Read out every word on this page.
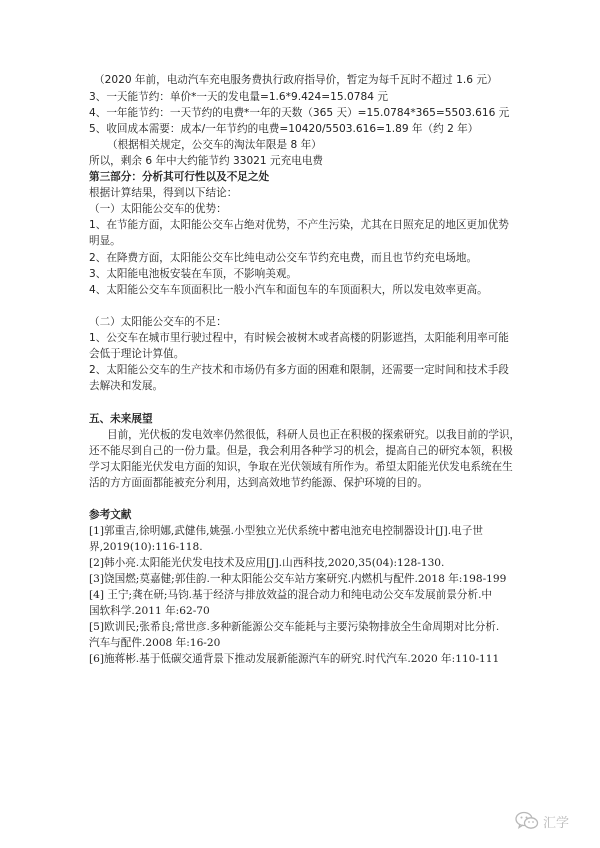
（2020 年前，电动汽车充电服务费执行政府指导价，暂定为每千瓦时不超过 1.6 元）
3、一天能节约：单价*一天的发电量=1.6*9.424=15.0784 元
4、一年能节约：一天节约的电费*一年的天数（365 天）=15.0784*365=5503.616 元
5、收回成本需要：成本/一年节约的电费=10420/5503.616=1.89 年（约 2 年）
（根据相关规定，公交车的淘汰年限是 8 年）
所以，剩余 6 年中大约能节约 33021 元充电电费
第三部分：分析其可行性以及不足之处
根据计算结果，得到以下结论：
（一）太阳能公交车的优势：
1、在节能方面，太阳能公交车占绝对优势，不产生污染，尤其在日照充足的地区更加优势
明显。
2、在降费方面，太阳能公交车比纯电动公交车节约充电费，而且也节约充电场地。
3、太阳能电池板安装在车顶，不影响美观。
4、太阳能公交车车顶面积比一般小汽车和面包车的车顶面积大，所以发电效率更高。
（二）太阳能公交车的不足：
1、公交车在城市里行驶过程中，有时候会被树木或者高楼的阴影遮挡，太阳能利用率可能
会低于理论计算值。
2、太阳能公交车的生产技术和市场仍有多方面的困难和限制，还需要一定时间和技术手段
去解决和发展。
五、未来展望
目前，光伏板的发电效率仍然很低，科研人员也正在积极的探索研究。以我目前的学识，
还不能尽到自己的一份力量。但是，我会利用各种学习的机会，提高自己的研究本领，积极
学习太阳能光伏发电方面的知识，争取在光伏领域有所作为。希望太阳能光伏发电系统在生
活的方方面面都能被充分利用，达到高效地节约能源、保护环境的目的。
参考文献
[1]郭重吉,徐明娜,武健伟,姚强.小型独立光伏系统中蓄电池充电控制器设计[J].电子世
界,2019(10):116-118.
[2]韩小亮.太阳能光伏发电技术及应用[J].山西科技,2020,35(04):128-130.
[3]饶国燃;莫嘉健;郭佳韵.一种太阳能公交车站方案研究.内燃机与配件.2018 年:198-199
[4] 王宁;龚在研;马钧.基于经济与排放效益的混合动力和纯电动公交车发展前景分析.中
国软科学.2011 年:62-70
[5]欧训民;张希良;常世彦.多种新能源公交车能耗与主要污染物排放全生命周期对比分析.
汽车与配件.2008 年:16-20
[6]施蒋彬.基于低碳交通背景下推动发展新能源汽车的研究.时代汽车.2020 年:110-111
汇学
